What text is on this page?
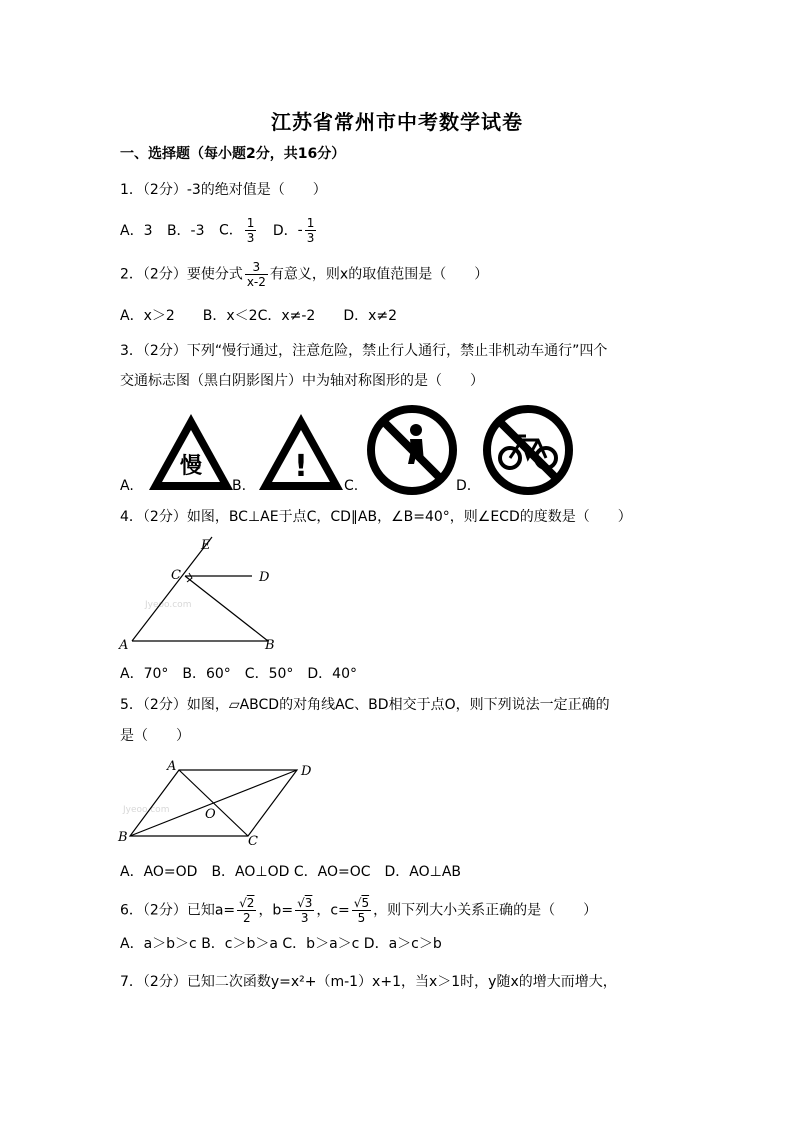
江苏省常州市中考数学试卷
一、选择题（每小题2分，共16分）
1．（2分）-3的绝对值是（　　）
A．3 B．-3 C． $\frac{1}{3}$ D．- $\frac{1}{3}$
2．（2分）要使分式 $\frac{3}{x-2}$ 有意义，则x的取值范围是（　　）
A．x＞2　　B．x＜2C．x≠-2　　D．x≠2
3．（2分）下列“慢行通过，注意危险，禁止行人通行，禁止非机动车通行”四个
交通标志图（黑白阴影图片）中为轴对称图形的是（　　）
慢	!
A.	B.	C.	D.
4．（2分）如图，BC⊥AE于点C，CD∥AB，∠B=40°，则∠ECD的度数是（　　）
Jyeoo.com
E
C	D
A	B
A．70°　B．60°　C．50°　D．40°
5．（2分）如图，▱ABCD的对角线AC、BD相交于点O，则下列说法一定正确的
是（　　）
Jyeoo.com
A	D
O
B	C
A．AO=OD　B．AO⊥OD C．AO=OC　D．AO⊥AB
6．（2分）已知$a= \frac{√2}{2}$ ，$b= \frac{√3}{3}$ ，$c= \frac{√5}{5}$ ，则下列大小关系正确的是（　　）
A．a＞b＞c B．c＞b＞a C．b＞a＞c D．a＞c＞b
7．（2分）已知二次函数y=x²+（m-1）x+1，当x＞1时，y随x的增大而增大，
